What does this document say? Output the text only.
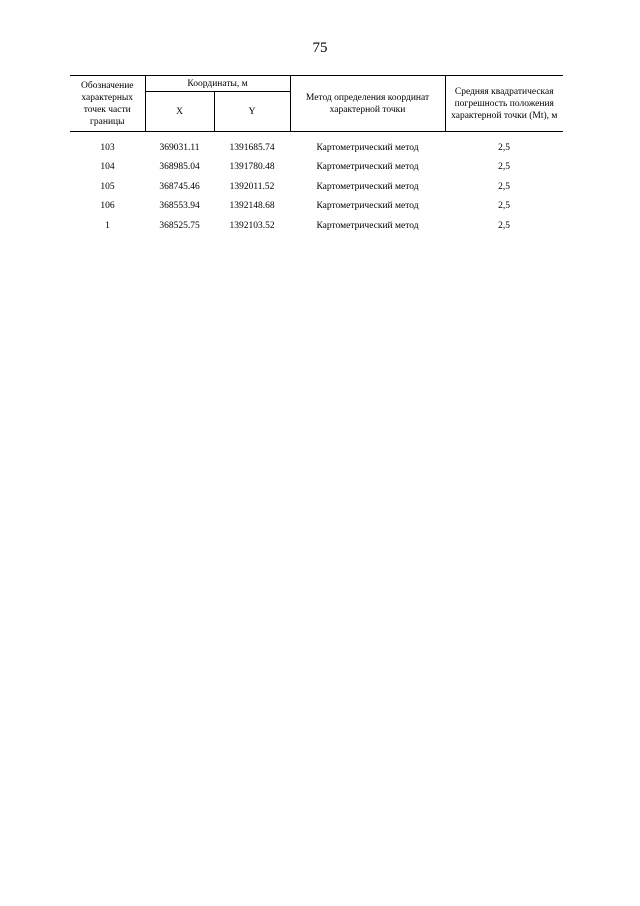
75
Обозначение характерных точек части границы	Координаты, м		Метод определения координат характерной точки	Средняя квадратическая погрешность положения характерной точки (Mt), м
	X	Y		
103	369031.11	1391685.74	Картометрический метод	2,5
104	368985.04	1391780.48	Картометрический метод	2,5
105	368745.46	1392011.52	Картометрический метод	2,5
106	368553.94	1392148.68	Картометрический метод	2,5
1	368525.75	1392103.52	Картометрический метод	2,5
